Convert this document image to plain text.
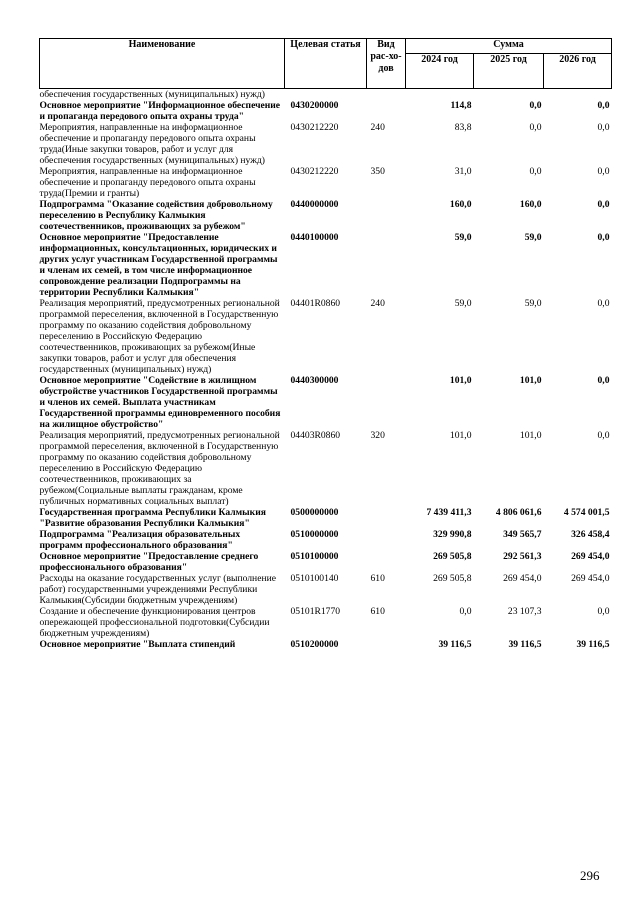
Наименование	Целевая статья	Вид рас-хо-дов	Сумма		
			2024 год	2025 год	2026 год
обеспечения государственных (муниципальных) нужд)					
Основное мероприятие "Информационное обеспечение и пропаганда передового опыта охраны труда"	0430200000		114,8	0,0	0,0
Мероприятия, направленные на информационное обеспечение и пропаганду передового опыта охраны труда(Иные закупки товаров, работ и услуг для обеспечения государственных (муниципальных) нужд)	0430212220	240	83,8	0,0	0,0
Мероприятия, направленные на информационное обеспечение и пропаганду передового опыта охраны труда(Премии и гранты)	0430212220	350	31,0	0,0	0,0
Подпрограмма "Оказание содействия добровольному переселению в Республику Калмыкия соотечественников, проживающих за рубежом"	0440000000		160,0	160,0	0,0
Основное мероприятие "Предоставление информационных, консультационных, юридических и других услуг участникам Государственной программы и членам их семей, в том числе информационное сопровождение реализации Подпрограммы на территории Республики Калмыкия"	0440100000		59,0	59,0	0,0
Реализация мероприятий, предусмотренных региональной программой переселения, включенной в Государственную программу по оказанию содействия добровольному переселению в Российскую Федерацию соотечественников, проживающих за рубежом(Иные закупки товаров, работ и услуг для обеспечения государственных (муниципальных) нужд)	04401R0860	240	59,0	59,0	0,0
Основное мероприятие "Содействие в жилищном обустройстве участников Государственной программы и членов их семей. Выплата участникам Государственной программы единовременного пособия на жилищное обустройство"	0440300000		101,0	101,0	0,0
Реализация мероприятий, предусмотренных региональной программой переселения, включенной в Государственную программу по оказанию содействия добровольному переселению в Российскую Федерацию соотечественников, проживающих за рубежом(Социальные выплаты гражданам, кроме публичных нормативных социальных выплат)	04403R0860	320	101,0	101,0	0,0
Государственная программа Республики Калмыкия "Развитие образования Республики Калмыкия"	0500000000		7 439 411,3	4 806 061,6	4 574 001,5
Подпрограмма "Реализация образовательных программ профессионального образования"	0510000000		329 990,8	349 565,7	326 458,4
Основное мероприятие "Предоставление среднего профессионального образования"	0510100000		269 505,8	292 561,3	269 454,0
Расходы на оказание государственных услуг (выполнение работ) государственными учреждениями Республики Калмыкия(Субсидии бюджетным учреждениям)	0510100140	610	269 505,8	269 454,0	269 454,0
Создание и обеспечение функционирования центров опережающей профессиональной подготовки(Субсидии бюджетным учреждениям)	05101R1770	610	0,0	23 107,3	0,0
Основное мероприятие "Выплата стипендий	0510200000		39 116,5	39 116,5	39 116,5
296
